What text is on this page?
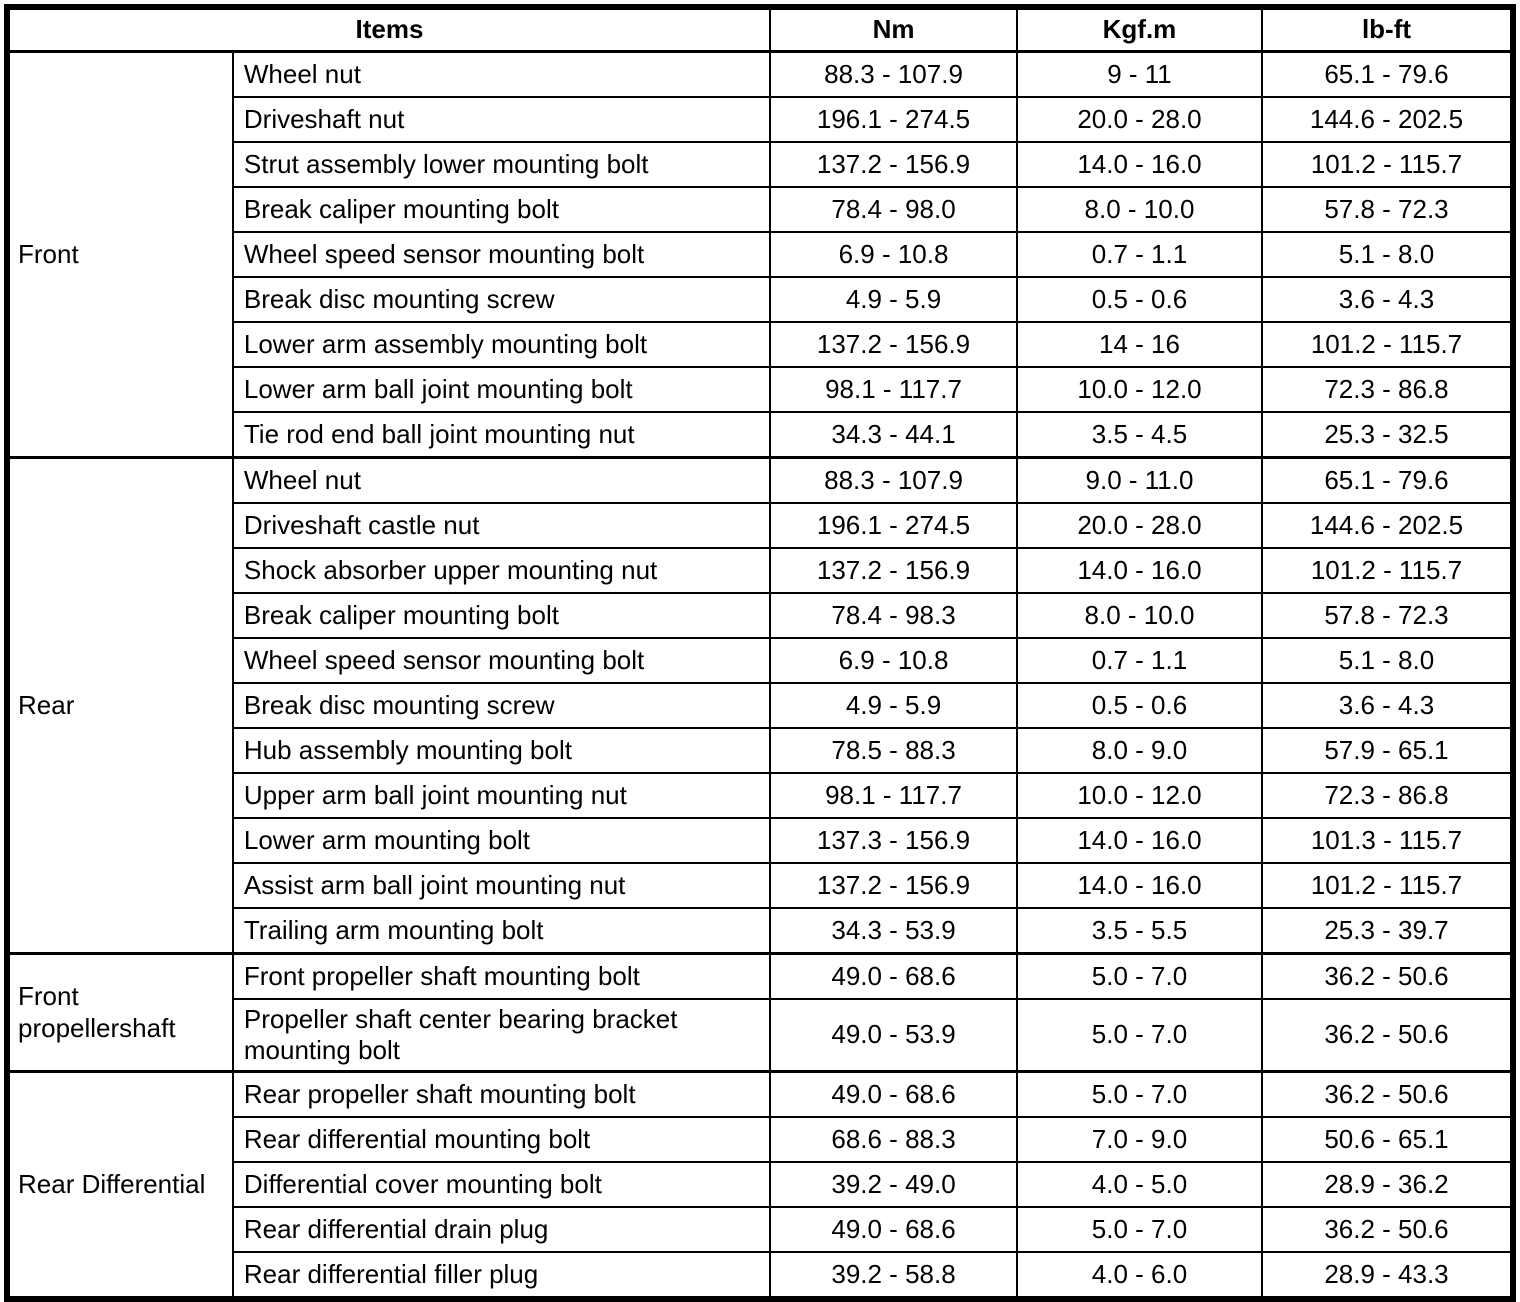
Items		Nm	Kgf.m	lb-ft
Front	Wheel nut	88.3 - 107.9	9 - 11	65.1 - 79.6
	Driveshaft nut	196.1 - 274.5	20.0 - 28.0	144.6 - 202.5
	Strut assembly lower mounting bolt	137.2 - 156.9	14.0 - 16.0	101.2 - 115.7
	Break caliper mounting bolt	78.4 - 98.0	8.0 - 10.0	57.8 - 72.3
	Wheel speed sensor mounting bolt	6.9 - 10.8	0.7 - 1.1	5.1 - 8.0
	Break disc mounting screw	4.9 - 5.9	0.5 - 0.6	3.6 - 4.3
	Lower arm assembly mounting bolt	137.2 - 156.9	14 - 16	101.2 - 115.7
	Lower arm ball joint mounting bolt	98.1 - 117.7	10.0 - 12.0	72.3 - 86.8
	Tie rod end ball joint mounting nut	34.3 - 44.1	3.5 - 4.5	25.3 - 32.5
Rear	Wheel nut	88.3 - 107.9	9.0 - 11.0	65.1 - 79.6
	Driveshaft castle nut	196.1 - 274.5	20.0 - 28.0	144.6 - 202.5
	Shock absorber upper mounting nut	137.2 - 156.9	14.0 - 16.0	101.2 - 115.7
	Break caliper mounting bolt	78.4 - 98.3	8.0 - 10.0	57.8 - 72.3
	Wheel speed sensor mounting bolt	6.9 - 10.8	0.7 - 1.1	5.1 - 8.0
	Break disc mounting screw	4.9 - 5.9	0.5 - 0.6	3.6 - 4.3
	Hub assembly mounting bolt	78.5 - 88.3	8.0 - 9.0	57.9 - 65.1
	Upper arm ball joint mounting nut	98.1 - 117.7	10.0 - 12.0	72.3 - 86.8
	Lower arm mounting bolt	137.3 - 156.9	14.0 - 16.0	101.3 - 115.7
	Assist arm ball joint mounting nut	137.2 - 156.9	14.0 - 16.0	101.2 - 115.7
	Trailing arm mounting bolt	34.3 - 53.9	3.5 - 5.5	25.3 - 39.7
Front propellershaft	Front propeller shaft mounting bolt	49.0 - 68.6	5.0 - 7.0	36.2 - 50.6
	Propeller shaft center bearing bracket mounting bolt	49.0 - 53.9	5.0 - 7.0	36.2 - 50.6
Rear Differential	Rear propeller shaft mounting bolt	49.0 - 68.6	5.0 - 7.0	36.2 - 50.6
	Rear differential mounting bolt	68.6 - 88.3	7.0 - 9.0	50.6 - 65.1
	Differential cover mounting bolt	39.2 - 49.0	4.0 - 5.0	28.9 - 36.2
	Rear differential drain plug	49.0 - 68.6	5.0 - 7.0	36.2 - 50.6
	Rear differential filler plug	39.2 - 58.8	4.0 - 6.0	28.9 - 43.3
